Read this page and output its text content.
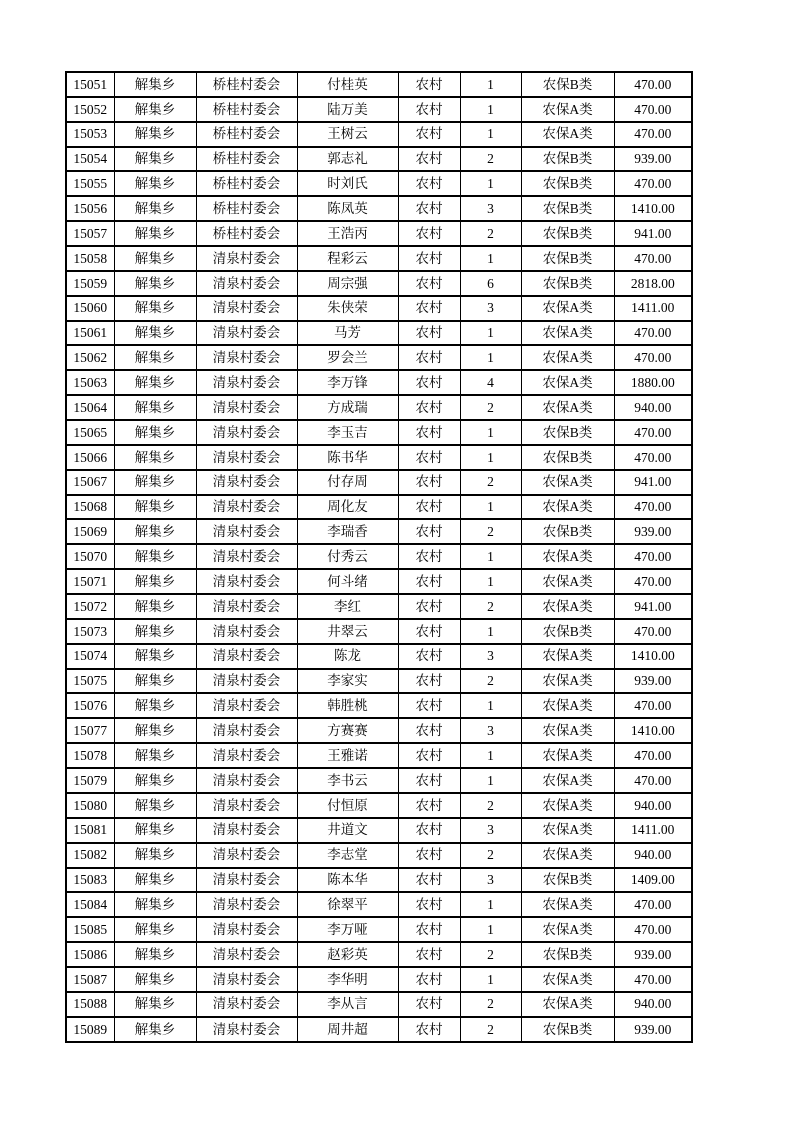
15051	解集乡	桥桂村委会	付桂英	农村	1	农保B类	470.00
15052	解集乡	桥桂村委会	陆万美	农村	1	农保A类	470.00
15053	解集乡	桥桂村委会	王树云	农村	1	农保A类	470.00
15054	解集乡	桥桂村委会	郭志礼	农村	2	农保B类	939.00
15055	解集乡	桥桂村委会	时刘氏	农村	1	农保B类	470.00
15056	解集乡	桥桂村委会	陈凤英	农村	3	农保B类	1410.00
15057	解集乡	桥桂村委会	王浩丙	农村	2	农保B类	941.00
15058	解集乡	清泉村委会	程彩云	农村	1	农保B类	470.00
15059	解集乡	清泉村委会	周宗强	农村	6	农保B类	2818.00
15060	解集乡	清泉村委会	朱侠荣	农村	3	农保A类	1411.00
15061	解集乡	清泉村委会	马芳	农村	1	农保A类	470.00
15062	解集乡	清泉村委会	罗会兰	农村	1	农保A类	470.00
15063	解集乡	清泉村委会	李万锋	农村	4	农保A类	1880.00
15064	解集乡	清泉村委会	方成瑞	农村	2	农保A类	940.00
15065	解集乡	清泉村委会	李玉吉	农村	1	农保B类	470.00
15066	解集乡	清泉村委会	陈书华	农村	1	农保B类	470.00
15067	解集乡	清泉村委会	付存周	农村	2	农保A类	941.00
15068	解集乡	清泉村委会	周化友	农村	1	农保A类	470.00
15069	解集乡	清泉村委会	李瑞香	农村	2	农保B类	939.00
15070	解集乡	清泉村委会	付秀云	农村	1	农保A类	470.00
15071	解集乡	清泉村委会	何斗绪	农村	1	农保A类	470.00
15072	解集乡	清泉村委会	李红	农村	2	农保A类	941.00
15073	解集乡	清泉村委会	井翠云	农村	1	农保B类	470.00
15074	解集乡	清泉村委会	陈龙	农村	3	农保A类	1410.00
15075	解集乡	清泉村委会	李家实	农村	2	农保A类	939.00
15076	解集乡	清泉村委会	韩胜桃	农村	1	农保A类	470.00
15077	解集乡	清泉村委会	方赛赛	农村	3	农保A类	1410.00
15078	解集乡	清泉村委会	王雅诺	农村	1	农保A类	470.00
15079	解集乡	清泉村委会	李书云	农村	1	农保A类	470.00
15080	解集乡	清泉村委会	付恒原	农村	2	农保A类	940.00
15081	解集乡	清泉村委会	井道文	农村	3	农保A类	1411.00
15082	解集乡	清泉村委会	李志堂	农村	2	农保A类	940.00
15083	解集乡	清泉村委会	陈本华	农村	3	农保B类	1409.00
15084	解集乡	清泉村委会	徐翠平	农村	1	农保A类	470.00
15085	解集乡	清泉村委会	李万哑	农村	1	农保A类	470.00
15086	解集乡	清泉村委会	赵彩英	农村	2	农保B类	939.00
15087	解集乡	清泉村委会	李华明	农村	1	农保A类	470.00
15088	解集乡	清泉村委会	李从言	农村	2	农保A类	940.00
15089	解集乡	清泉村委会	周井超	农村	2	农保B类	939.00
